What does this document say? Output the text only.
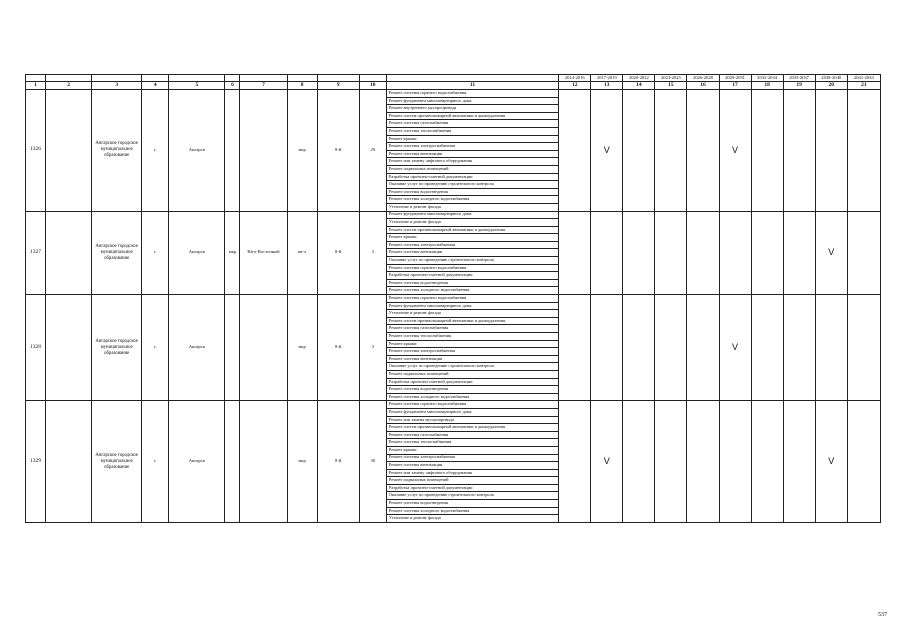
											2014-2016	2017-2019	2020-2022	2023-2025	2026-2028	2029-2031	2032-2034	2035-2037	2038-2040	2041-2043
1	2	3	4	5	6	7	8	9	10	11	12	13	14	15	16	17	18	19	20	21
1326		Ангарское городское муниципальное образование	г.	Ангарск			мкр	8-й	29	Ремонт системы горячего водоснабжения		V				V				
										Ремонт фундамента многоквартирного дома										
										Ремонт внутреннего мусоропровода										
										Ремонт систем противопожарной автоматики и дымоудаления										
										Ремонт системы газоснабжения										
										Ремонт системы теплоснабжения										
										Ремонт крыши										
										Ремонт системы электроснабжения										
										Ремонт системы вентиляции										
										Ремонт или замену лифтового оборудования										
										Ремонт подвальных помещений										
										Разработка проектно-сметной документации										
										Оказание услуг по проведению строительного контроля										
										Ремонт системы водоотведения										
										Ремонт системы холодного водоснабжения										
										Утепление и ремонт фасада										
1327		Ангарское городское муниципальное образование	г.	Ангарск	мкр	Юго-Восточный	кв-л	8-й	3	Ремонт фундамента многоквартирного дома									V	
										Утепление и ремонт фасада										
										Ремонт систем противопожарной автоматики и дымоудаления										
										Ремонт крыши										
										Ремонт системы электроснабжения										
										Ремонт системы вентиляции										
										Оказание услуг по проведению строительного контроля										
										Ремонт системы горячего водоснабжения										
										Разработка проектно-сметной документации										
										Ремонт системы водоотведения										
										Ремонт системы холодного водоснабжения										
1328		Ангарское городское муниципальное образование	г.	Ангарск			мкр	8-й	3	Ремонт системы горячего водоснабжения						V				
										Ремонт фундамента многоквартирного дома										
										Утепление и ремонт фасада										
										Ремонт систем противопожарной автоматики и дымоудаления										
										Ремонт системы газоснабжения										
										Ремонт системы теплоснабжения										
										Ремонт крыши										
										Ремонт системы электроснабжения										
										Ремонт системы вентиляции										
										Оказание услуг по проведению строительного контроля										
										Ремонт подвальных помещений										
										Разработка проектно-сметной документации										
										Ремонт системы водоотведения										
										Ремонт системы холодного водоснабжения										
1329		Ангарское городское муниципальное образование	г.	Ангарск			мкр	8-й	30	Ремонт системы горячего водоснабжения		V							V	
										Ремонт фундамента многоквартирного дома										
										Ремонт или замена мусоропровода										
										Ремонт систем противопожарной автоматики и дымоудаления										
										Ремонт системы газоснабжения										
										Ремонт системы теплоснабжения										
										Ремонт крыши										
										Ремонт системы электроснабжения										
										Ремонт системы вентиляции										
										Ремонт или замену лифтового оборудования										
										Ремонт подвальных помещений										
										Разработка проектно-сметной документации										
										Оказание услуг по проведению строительного контроля										
										Ремонт системы водоотведения										
										Ремонт системы холодного водоснабжения										
										Утепление и ремонт фасада										
537
